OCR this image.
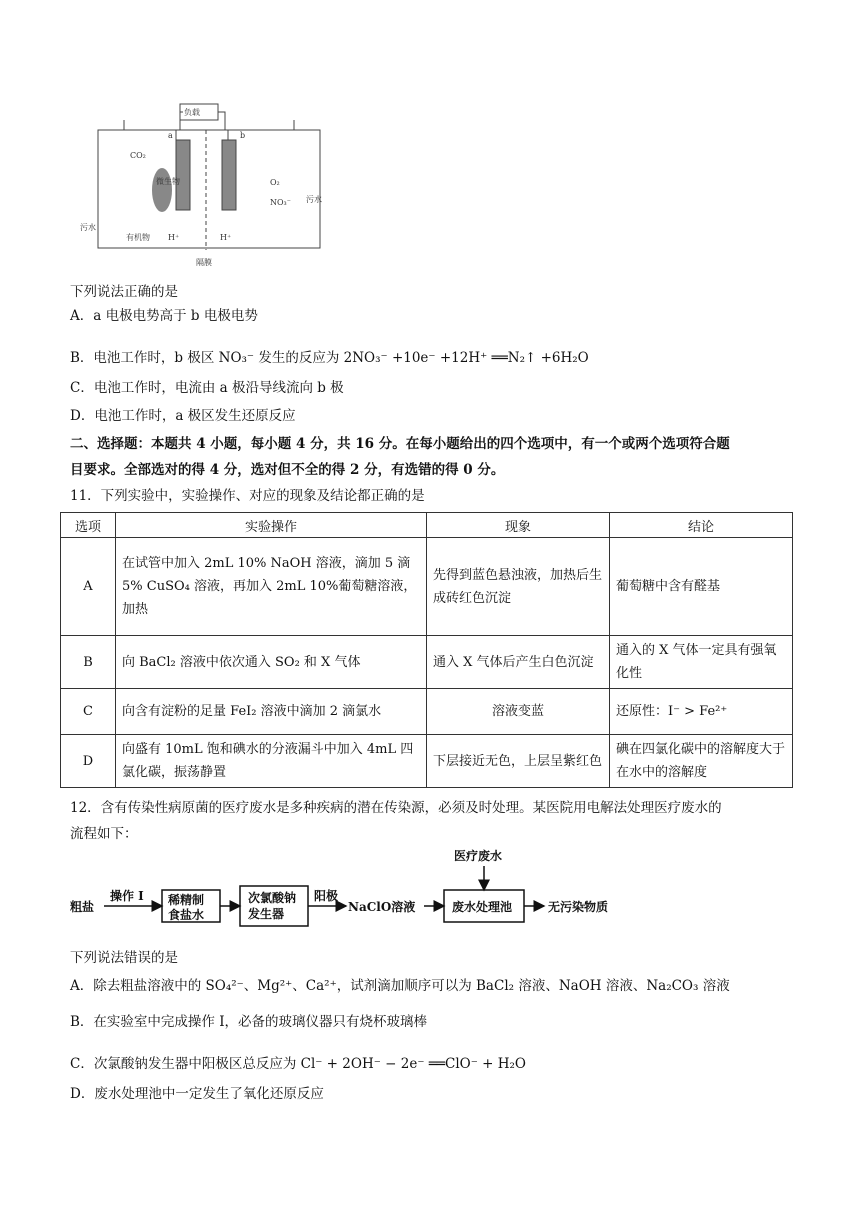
负载
a	b
CO₂
微生物	O₂
NO₃⁻
污水
污水
有机物 H⁺	H⁺
隔膜
下列说法正确的是
A．a 电极电势高于 b 电极电势
B．电池工作时，b 极区 NO₃⁻ 发生的反应为 2NO₃⁻ +10e⁻ +12H⁺ ══N₂↑ +6H₂O
C．电池工作时，电流由 a 极沿导线流向 b 极
D．电池工作时，a 极区发生还原反应
二、选择题：本题共 4 小题，每小题 4 分，共 16 分。在每小题给出的四个选项中，有一个或两个选项符合题
目要求。全部选对的得 4 分，选对但不全的得 2 分，有选错的得 0 分。
11．下列实验中，实验操作、对应的现象及结论都正确的是
选项	实验操作	现象	结论
A	在试管中加入 2mL 10% NaOH 溶液，滴加 5 滴 5% CuSO₄ 溶液，再加入 2mL 10%葡萄糖溶液，加热	先得到蓝色悬浊液，加热后生成砖红色沉淀	葡萄糖中含有醛基
B	向 BaCl₂ 溶液中依次通入 SO₂ 和 X 气体	通入 X 气体后产生白色沉淀	通入的 X 气体一定具有强氧化性
C	向含有淀粉的足量 FeI₂ 溶液中滴加 2 滴氯水	溶液变蓝	还原性：I⁻ > Fe²⁺
D	向盛有 10mL 饱和碘水的分液漏斗中加入 4mL 四氯化碳，振荡静置	下层接近无色，上层呈紫红色	碘在四氯化碳中的溶解度大于在水中的溶解度
12．含有传染性病原菌的医疗废水是多种疾病的潜在传染源，必须及时处理。某医院用电解法处理医疗废水的
流程如下：
粗盐
操作 I 稀精制
食盐水
次氯酸钠
发生器
阳极
NaClO溶液	废水处理池
医疗废水
无污染物质
下列说法错误的是
A．除去粗盐溶液中的 SO₄²⁻、Mg²⁺、Ca²⁺，试剂滴加顺序可以为 BaCl₂ 溶液、NaOH 溶液、Na₂CO₃ 溶液
B．在实验室中完成操作 I，必备的玻璃仪器只有烧杯玻璃棒
C．次氯酸钠发生器中阳极区总反应为 Cl⁻ + 2OH⁻ − 2e⁻ ══ClO⁻ + H₂O
D．废水处理池中一定发生了氧化还原反应
